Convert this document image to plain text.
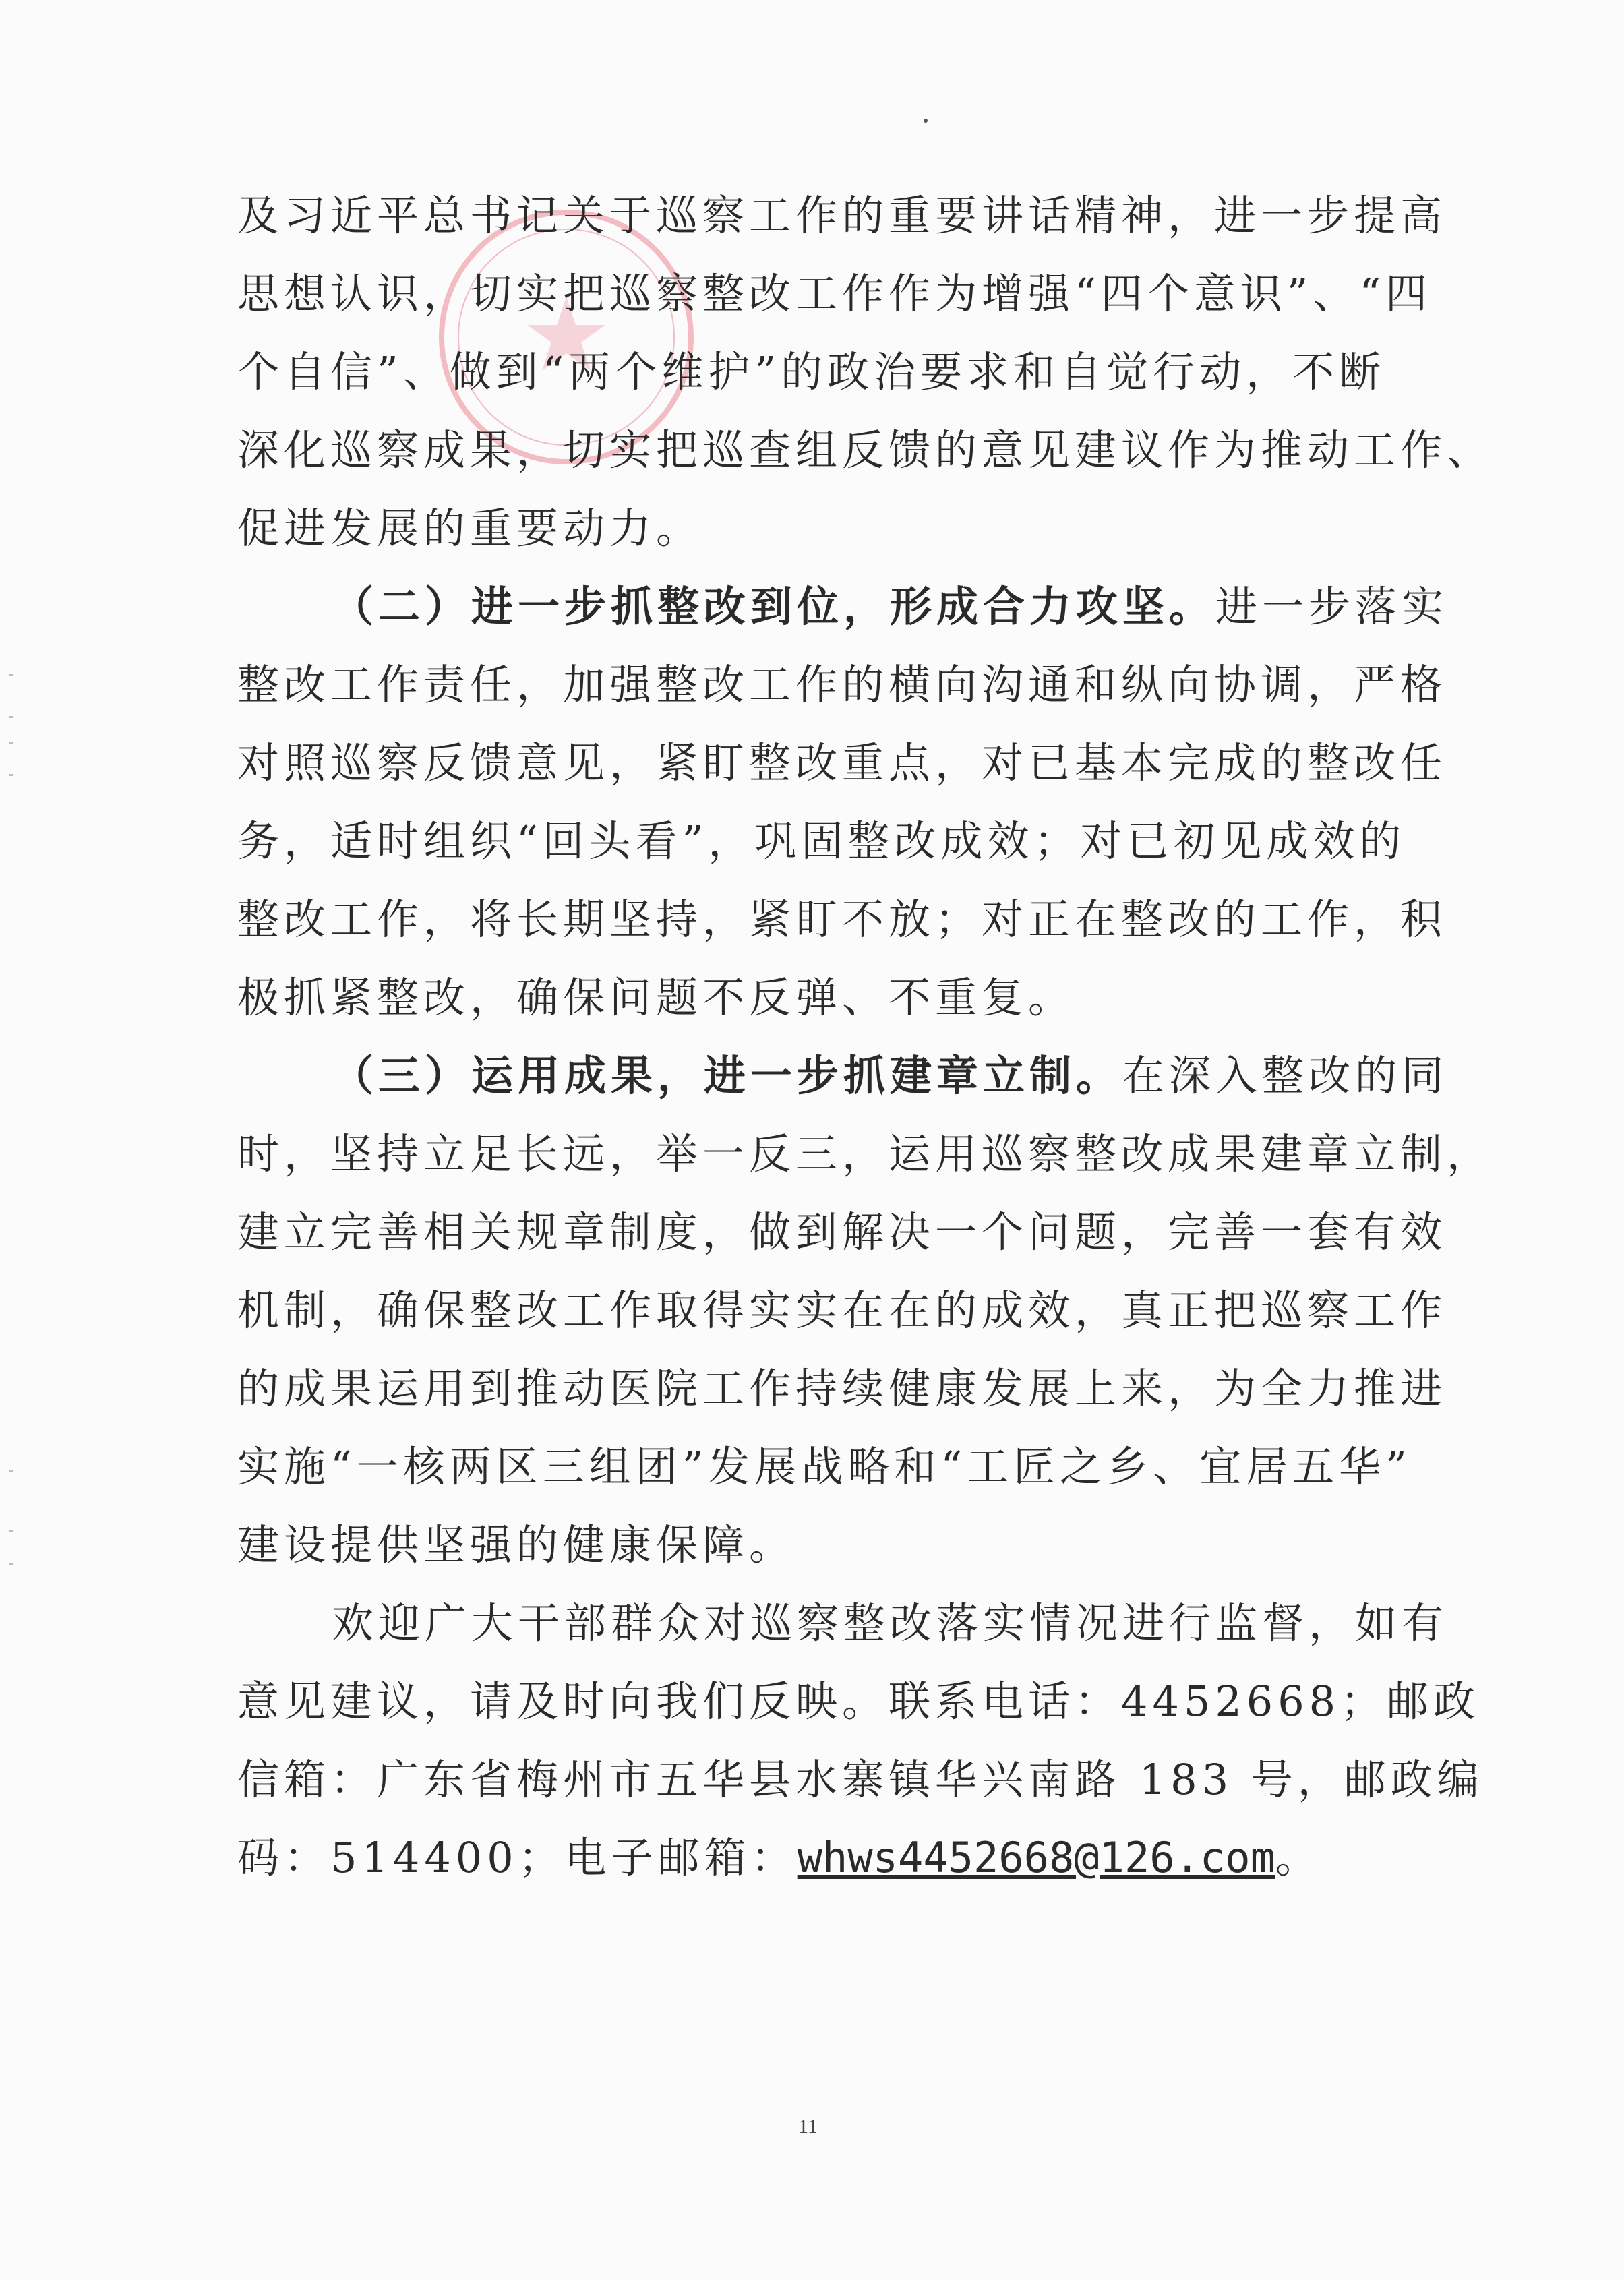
及习近平总书记关于巡察工作的重要讲话精神，进一步提高
思想认识，切实把巡察整改工作作为增强“四个意识”、“四
个自信”、做到“两个维护”的政治要求和自觉行动，不断
深化巡察成果，切实把巡查组反馈的意见建议作为推动工作、
促进发展的重要动力。
（二）进一步抓整改到位，形成合力攻坚。进一步落实
整改工作责任，加强整改工作的横向沟通和纵向协调，严格
对照巡察反馈意见，紧盯整改重点，对已基本完成的整改任
务，适时组织“回头看”，巩固整改成效；对已初见成效的
整改工作，将长期坚持，紧盯不放；对正在整改的工作，积
极抓紧整改，确保问题不反弹、不重复。
（三）运用成果，进一步抓建章立制。在深入整改的同
时，坚持立足长远，举一反三，运用巡察整改成果建章立制，
建立完善相关规章制度，做到解决一个问题，完善一套有效
机制，确保整改工作取得实实在在的成效，真正把巡察工作
的成果运用到推动医院工作持续健康发展上来，为全力推进
实施“一核两区三组团”发展战略和“工匠之乡、宜居五华”
建设提供坚强的健康保障。
欢迎广大干部群众对巡察整改落实情况进行监督，如有
意见建议，请及时向我们反映。联系电话：4452668；邮政
信箱：广东省梅州市五华县水寨镇华兴南路 183 号，邮政编
码：514400；电子邮箱：whws4452668@126.com。
11
